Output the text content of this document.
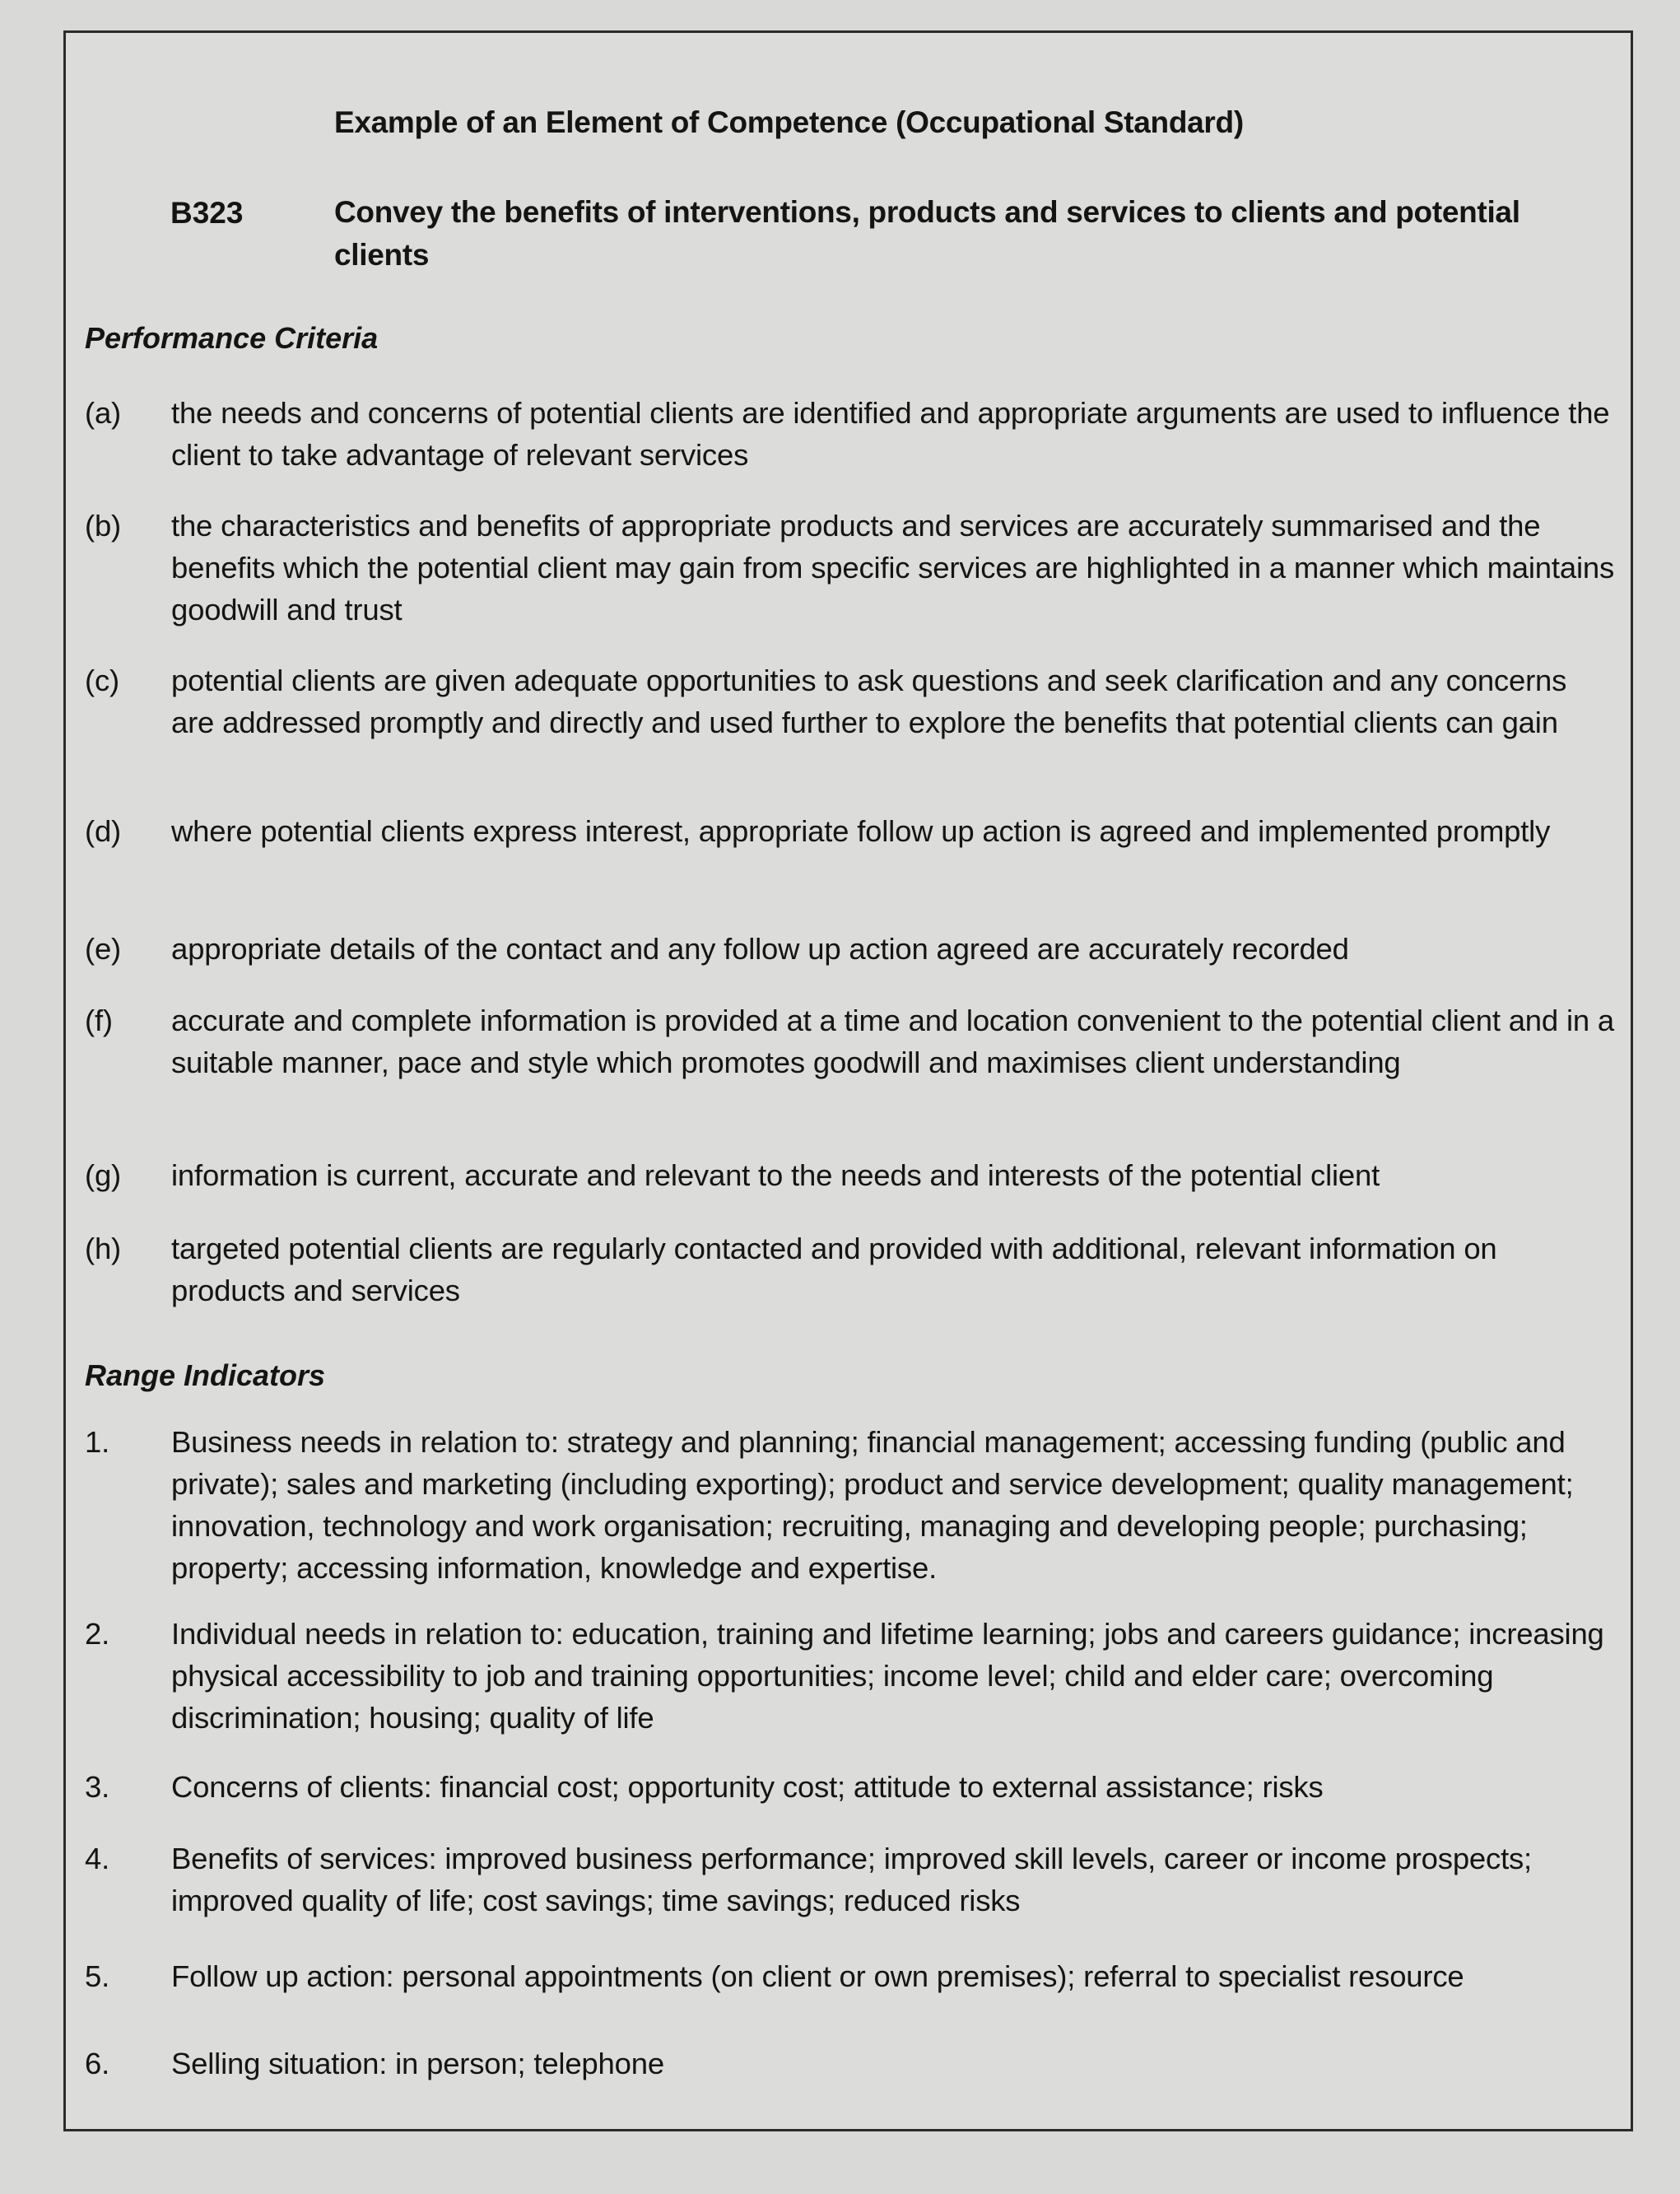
Example of an Element of Competence (Occupational Standard)
B323	Convey the benefits of interventions, products and services to clients and potential clients
Performance Criteria
(a) the needs and concerns of potential clients are identified and appropriate arguments are used to influence the client to take advantage of relevant services
(b) the characteristics and benefits of appropriate products and services are accurately summarised and the benefits which the potential client may gain from specific services are highlighted in a manner which maintains goodwill and trust
(c) potential clients are given adequate opportunities to ask questions and seek clarification and any concerns are addressed promptly and directly and used further to explore the benefits that potential clients can gain
(d) where potential clients express interest, appropriate follow up action is agreed and implemented promptly
(e) appropriate details of the contact and any follow up action agreed are accurately recorded
(f) accurate and complete information is provided at a time and location convenient to the potential client and in a suitable manner, pace and style which promotes goodwill and maximises client understanding
(g) information is current, accurate and relevant to the needs and interests of the potential client
(h) targeted potential clients are regularly contacted and provided with additional, relevant information on products and services
Range Indicators
1. Business needs in relation to: strategy and planning; financial management; accessing funding (public and private); sales and marketing (including exporting); product and service development; quality management; innovation, technology and work organisation; recruiting, managing and developing people; purchasing; property; accessing information, knowledge and expertise.
2. Individual needs in relation to: education, training and lifetime learning; jobs and careers guidance; increasing physical accessibility to job and training opportunities; income level; child and elder care; overcoming discrimination; housing; quality of life
3. Concerns of clients: financial cost; opportunity cost; attitude to external assistance; risks
4. Benefits of services: improved business performance; improved skill levels, career or income prospects; improved quality of life; cost savings; time savings; reduced risks
5. Follow up action: personal appointments (on client or own premises); referral to specialist resource
6. Selling situation: in person; telephone
